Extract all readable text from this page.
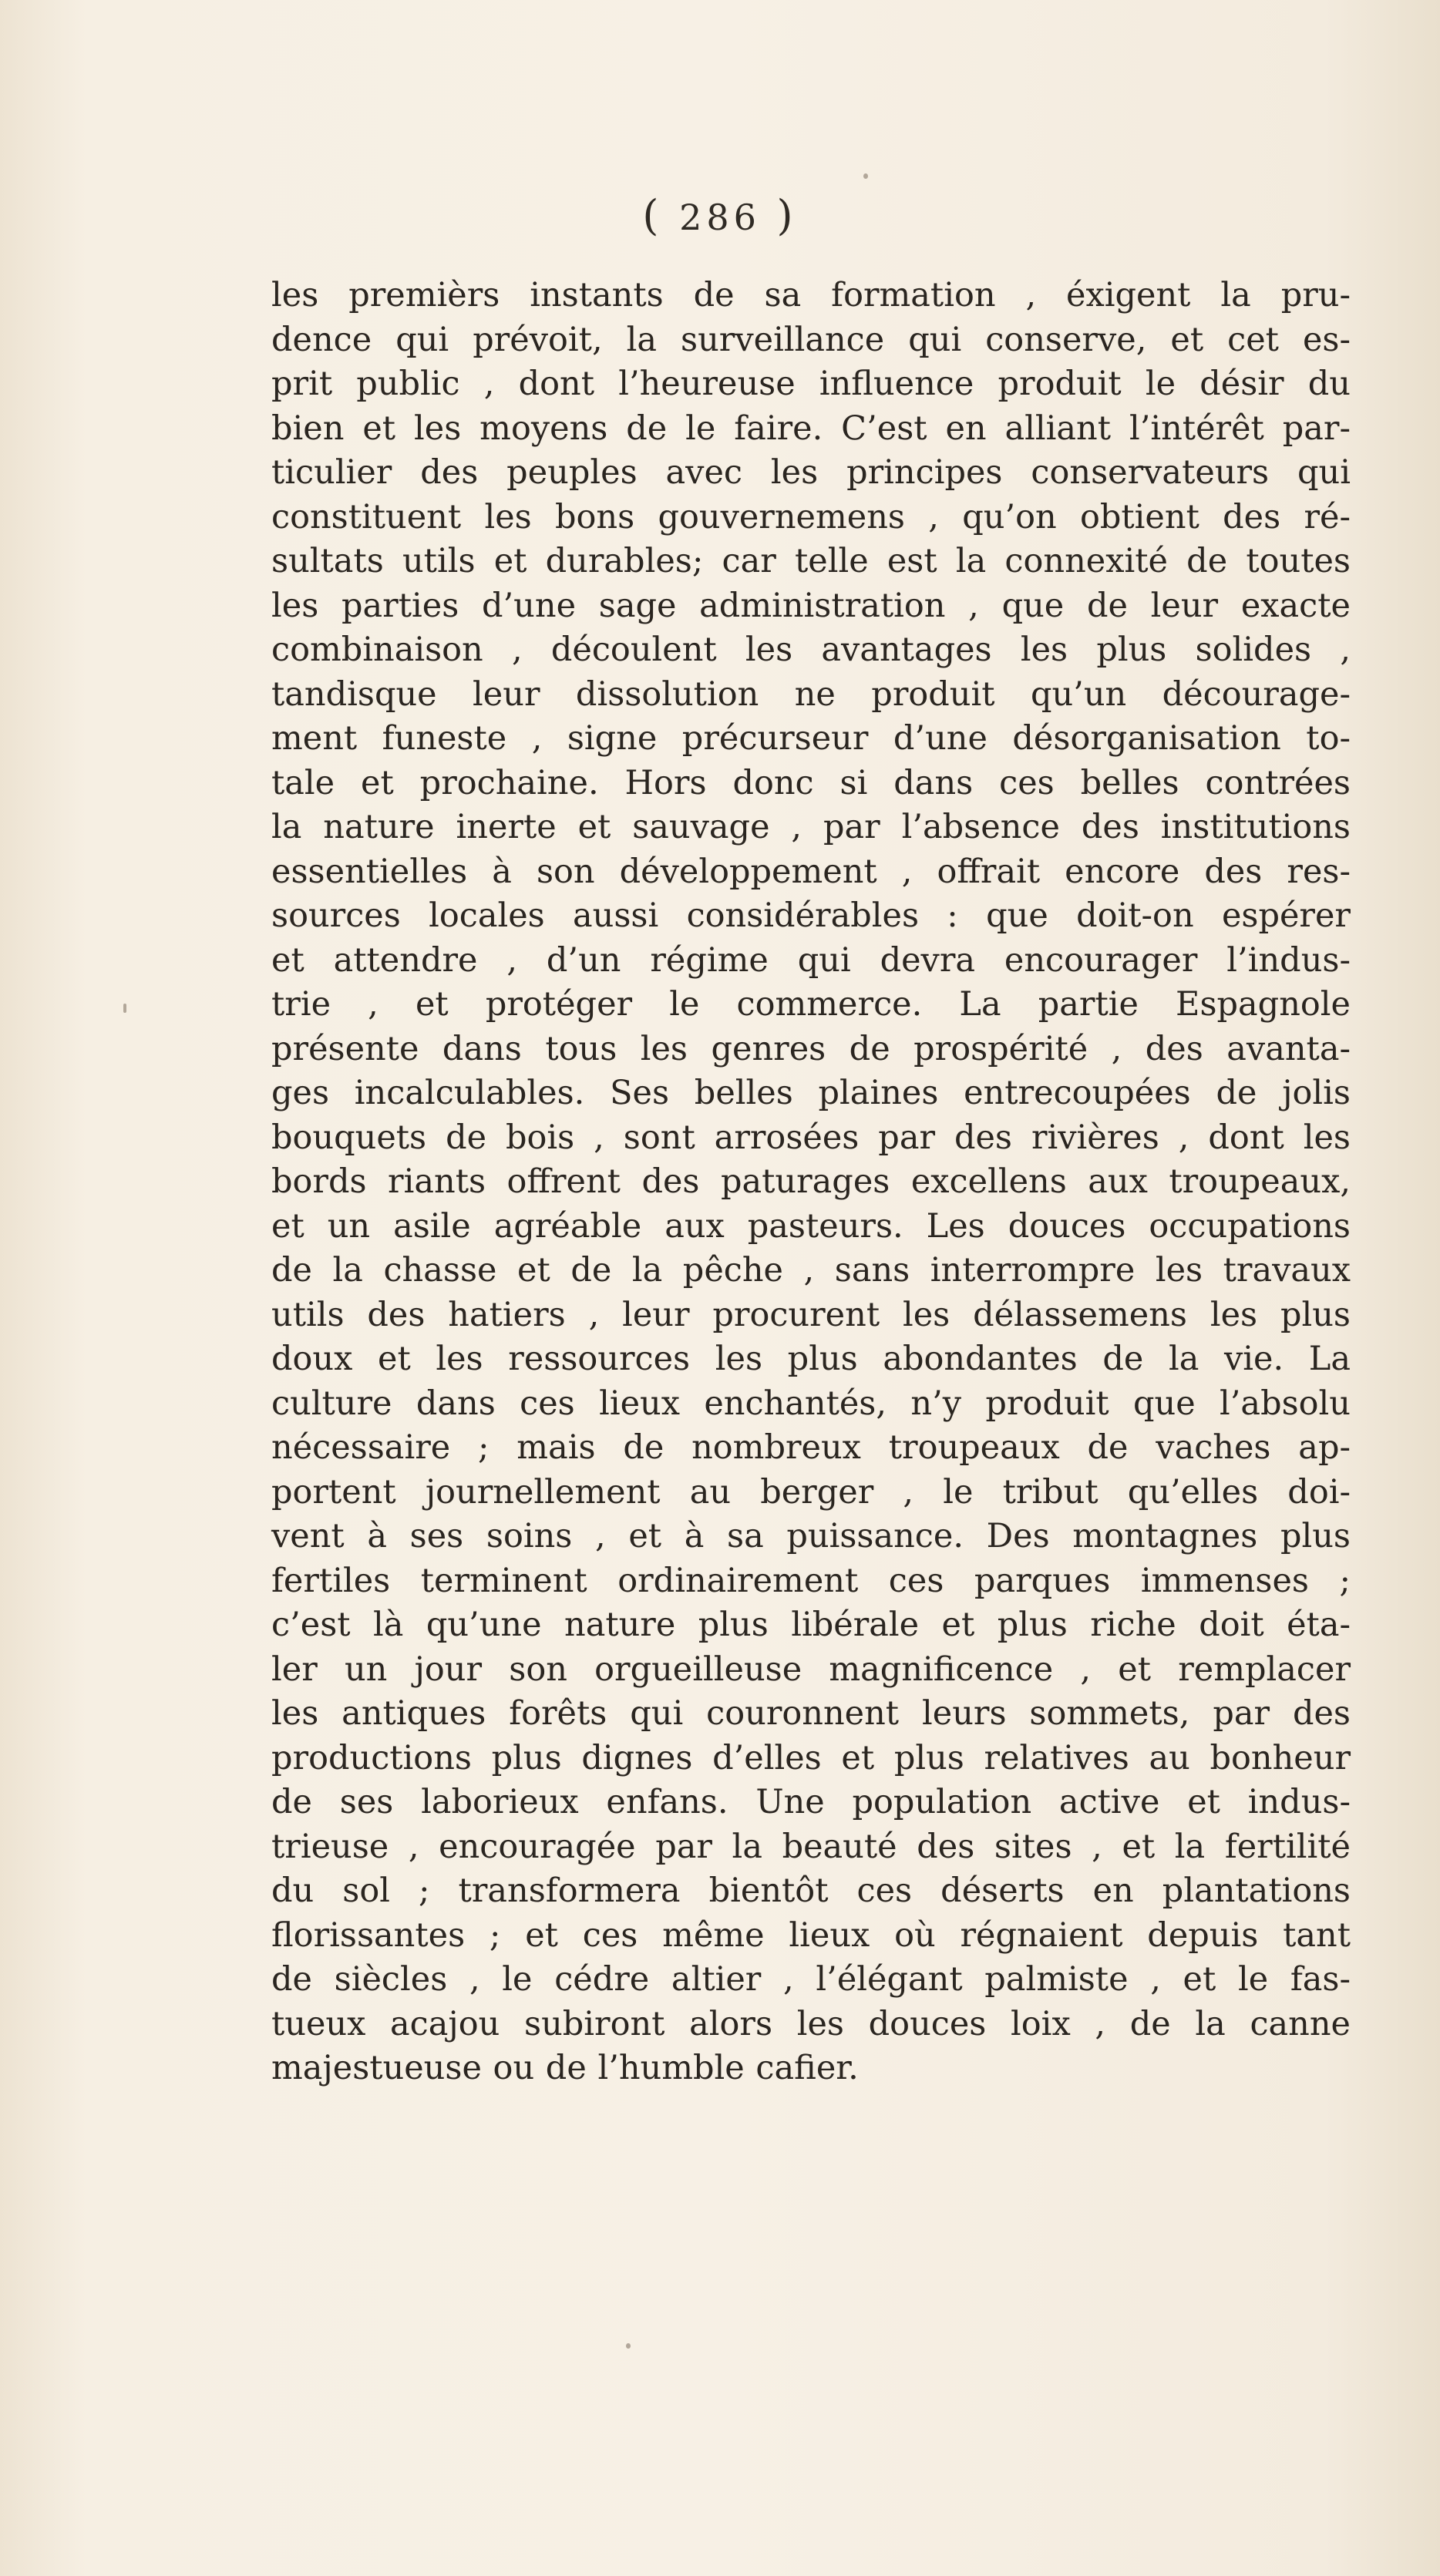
( 286 )
les premièrs instants de sa formation , éxigent la pru-
dence qui prévoit, la surveillance qui conserve, et cet es-
prit public , dont l’heureuse influence produit le désir du
bien et les moyens de le faire. C’est en alliant l’intérêt par-
ticulier des peuples avec les principes conservateurs qui
constituent les bons gouvernemens , qu’on obtient des ré-
sultats utils et durables; car telle est la connexité de toutes
les parties d’une sage administration , que de leur exacte
combinaison , découlent les avantages les plus solides ,
tandisque leur dissolution ne produit qu’un décourage-
ment funeste , signe précurseur d’une désorganisation to-
tale et prochaine. Hors donc si dans ces belles contrées
la nature inerte et sauvage , par l’absence des institutions
essentielles à son développement , offrait encore des res-
sources locales aussi considérables : que doit-on espérer
et attendre , d’un régime qui devra encourager l’indus-
trie , et protéger le commerce. La partie Espagnole
présente dans tous les genres de prospérité , des avanta-
ges incalculables. Ses belles plaines entrecoupées de jolis
bouquets de bois , sont arrosées par des rivières , dont les
bords riants offrent des paturages excellens aux troupeaux,
et un asile agréable aux pasteurs. Les douces occupations
de la chasse et de la pêche , sans interrompre les travaux
utils des hatiers , leur procurent les délassemens les plus
doux et les ressources les plus abondantes de la vie. La
culture dans ces lieux enchantés, n’y produit que l’absolu
nécessaire ; mais de nombreux troupeaux de vaches ap-
portent journellement au berger , le tribut qu’elles doi-
vent à ses soins , et à sa puissance. Des montagnes plus
fertiles terminent ordinairement ces parques immenses ;
c’est là qu’une nature plus libérale et plus riche doit éta-
ler un jour son orgueilleuse magnificence , et remplacer
les antiques forêts qui couronnent leurs sommets, par des
productions plus dignes d’elles et plus relatives au bonheur
de ses laborieux enfans. Une population active et indus-
trieuse , encouragée par la beauté des sites , et la fertilité
du sol ; transformera bientôt ces déserts en plantations
florissantes ; et ces même lieux où régnaient depuis tant
de siècles , le cédre altier , l’élégant palmiste , et le fas-
tueux acajou subiront alors les douces loix , de la canne
majestueuse ou de l’humble cafier.
